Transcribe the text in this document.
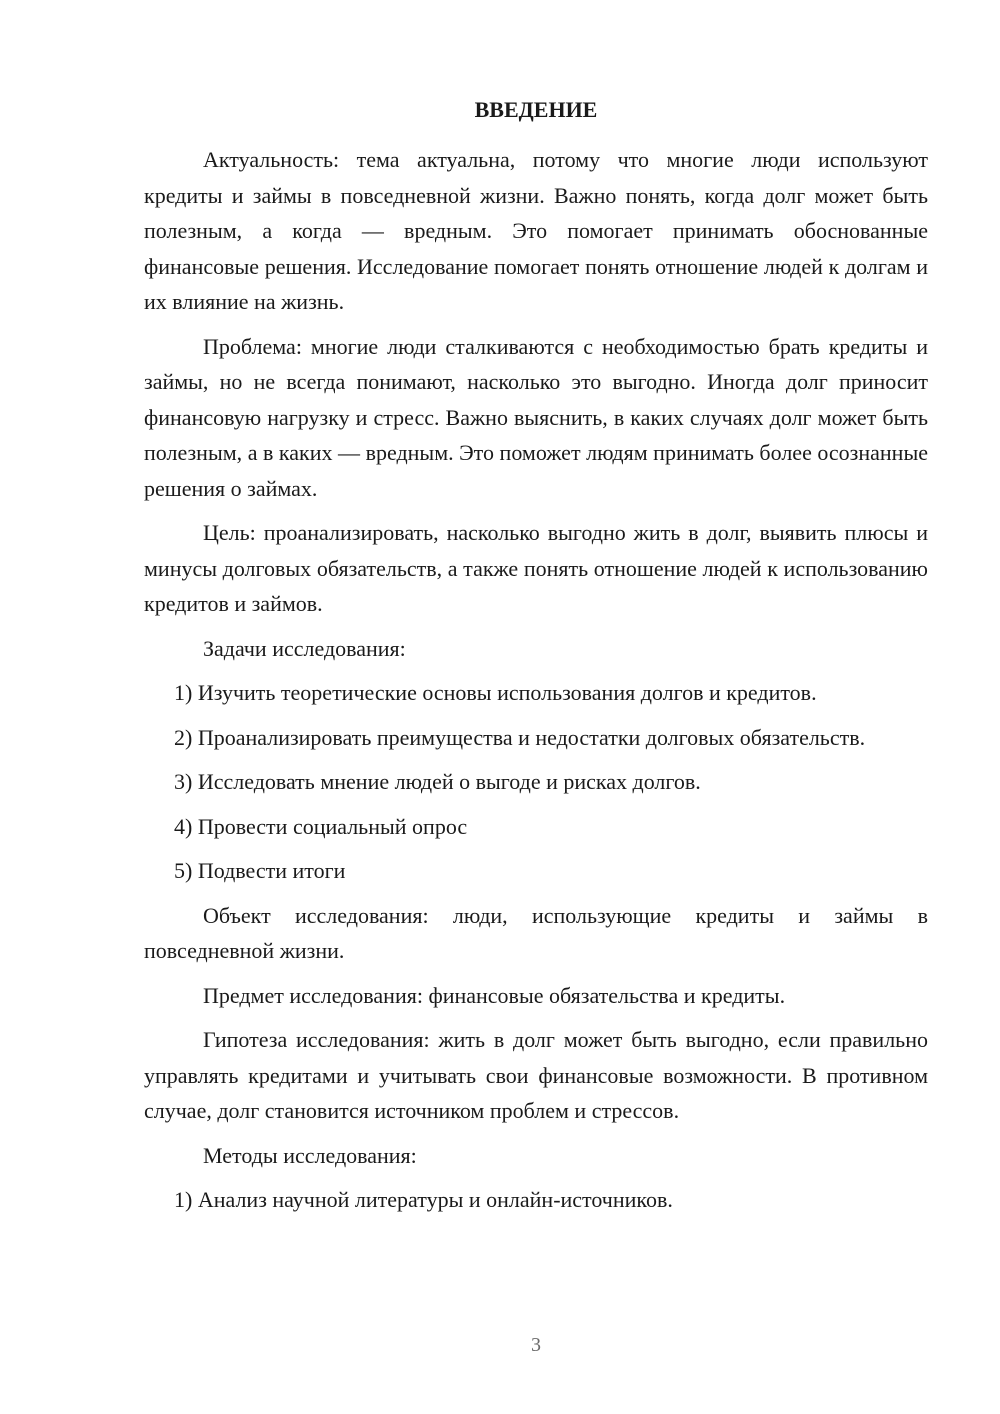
ВВЕДЕНИЕ

Актуальность: тема актуальна, потому что многие люди используют кредиты и займы в повседневной жизни. Важно понять, когда долг может быть полезным, а когда — вредным. Это помогает принимать обоснованные финансовые решения. Исследование помогает понять отношение людей к долгам и их влияние на жизнь.

Проблема: многие люди сталкиваются с необходимостью брать кредиты и займы, но не всегда понимают, насколько это выгодно. Иногда долг приносит финансовую нагрузку и стресс. Важно выяснить, в каких случаях долг может быть полезным, а в каких — вредным. Это поможет людям принимать более осознанные решения о займах.

Цель: проанализировать, насколько выгодно жить в долг, выявить плюсы и минусы долговых обязательств, а также понять отношение людей к использованию кредитов и займов.

Задачи исследования:

1) Изучить теоретические основы использования долгов и кредитов.

2) Проанализировать преимущества и недостатки долговых обязательств.

3) Исследовать мнение людей о выгоде и рисках долгов.

4) Провести социальный опрос

5) Подвести итоги

Объект исследования: люди, использующие кредиты и займы в повседневной жизни.

Предмет исследования: финансовые обязательства и кредиты.

Гипотеза исследования: жить в долг может быть выгодно, если правильно управлять кредитами и учитывать свои финансовые возможности. В противном случае, долг становится источником проблем и стрессов.

Методы исследования:

1) Анализ научной литературы и онлайн-источников.

3
